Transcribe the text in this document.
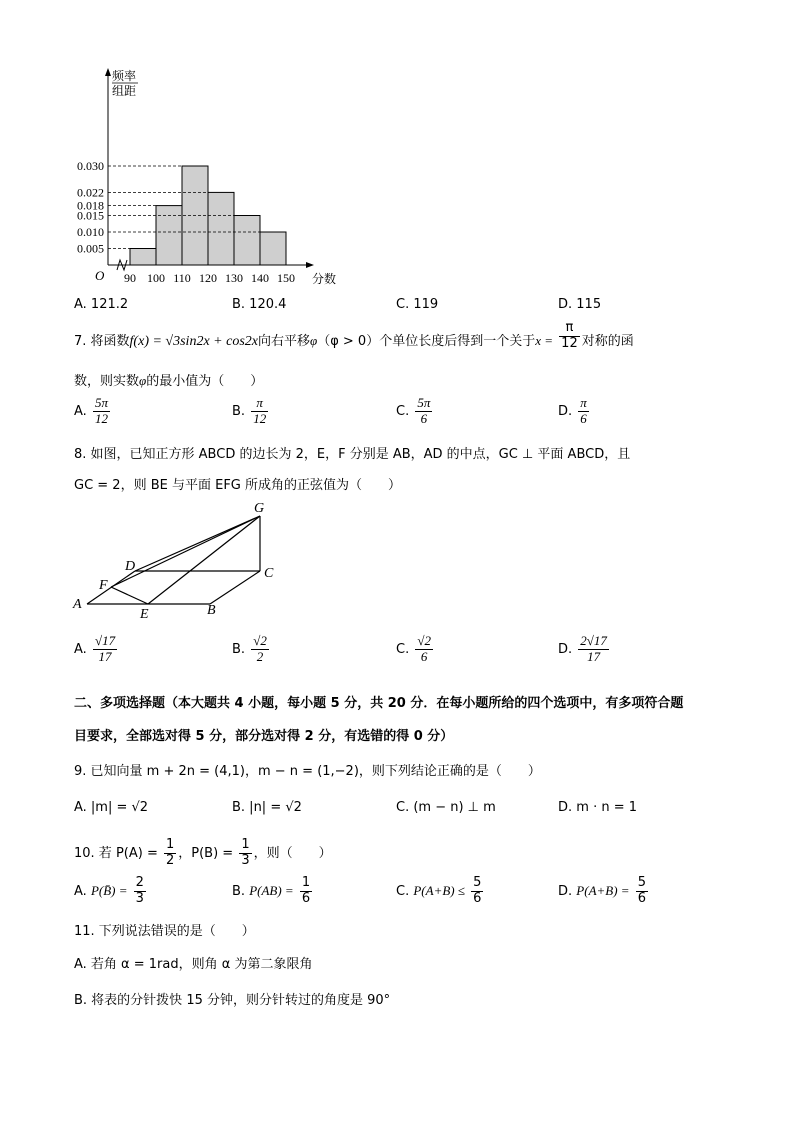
0.030
0.022
0.018
0.015
0.010
0.005
90 100 110 120 130 140 150
O
频率
组距
分数
A. 121.2	B. 120.4	C. 119	D. 115
7. 将函数f(x) = √3sin2x + cos2x向右平移φ（φ > 0）个单位长度后得到一个关于$x = \frac{\pi}{12}$ 对称的函
数，则实数φ的最小值为（　　）
A. $\frac{5\pi}{12}$	B. $\frac{\pi}{12}$	C. $\frac{5\pi}{6}$	D. $\frac{\pi}{6}$
8. 如图，已知正方形 ABCD 的边长为 2，E，F 分别是 AB，AD 的中点，GC ⊥ 平面 ABCD，且
GC = 2，则 BE 与平面 EFG 所成角的正弦值为（　　）
G
D	C
F
A
E	B
A. $\frac{√17}{17}$	B. $\frac{√2}{2}$	C. $\frac{√2}{6}$	D. $\frac{2√17}{17}$
二、多项选择题（本大题共 4 小题，每小题 5 分，共 20 分．在每小题所给的四个选项中，有多项符合题
目要求，全部选对得 5 分，部分选对得 2 分，有选错的得 0 分）
9. 已知向量 m + 2n = (4,1)，m − n = (1,−2)，则下列结论正确的是（　　）
A. |m| = √2	B. |n| = √2	C. (m − n) ⊥ m	D. m · n = 1
10. 若 $P(A) = \frac{1}{2}$ ，$P(B) = \frac{1}{3}$ ，则（　　）
A. P(B̄) = $\frac{2}{3}$	B. $P(AB) = \frac{1}{6}$	C. $P(A+B) \le \frac{5}{6}$	D. $P(A+B) = \frac{5}{6}$
11. 下列说法错误的是（　　）
A. 若角 α = 1rad，则角 α 为第二象限角
B. 将表的分针拨快 15 分钟，则分针转过的角度是 90°
